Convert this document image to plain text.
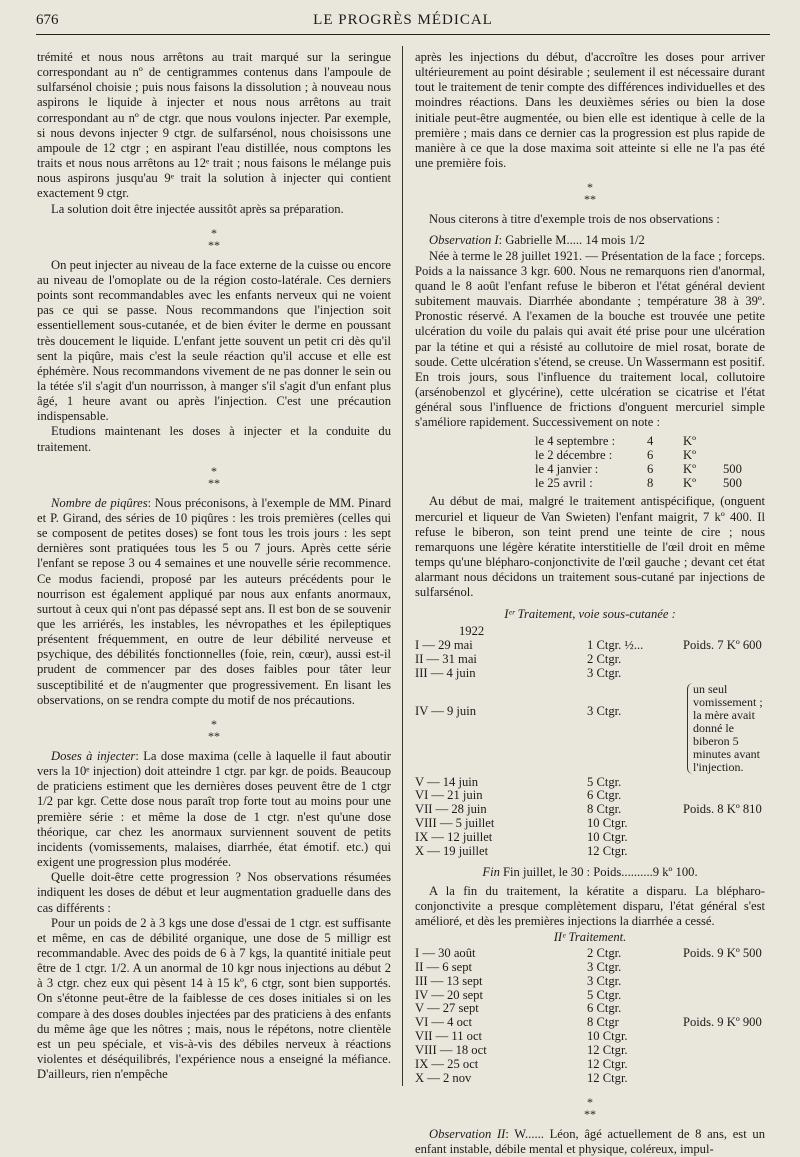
676	LE PROGRÈS MÉDICAL

trémité et nous nous arrêtons au trait marqué sur la seringue correspondant au nº de centigrammes contenus dans l'ampoule de sulfarsénol choisie ; puis nous faisons la dissolution ; à nouveau nous aspirons le liquide à injecter et nous nous arrêtons au trait correspondant au nº de ctgr. que nous voulons injecter. Par exemple, si nous devons injecter 9 ctgr. de sulfarsénol, nous choisissons une ampoule de 12 ctgr ; en aspirant l'eau distillée, nous comptons les traits et nous nous arrêtons au 12ᵉ trait ; nous faisons le mélange puis nous aspirons jusqu'au 9ᵉ trait la solution à injecter qui contient exactement 9 ctgr.

La solution doit être injectée aussitôt après sa préparation.

*
**

On peut injecter au niveau de la face externe de la cuisse ou encore au niveau de l'omoplate ou de la région costo-latérale. Ces derniers points sont recommandables avec les enfants nerveux qui ne voient pas ce qui se passe. Nous recommandons que l'injection soit essentiellement sous-cutanée, et de bien éviter le derme en poussant très doucement le liquide. L'enfant jette souvent un petit cri dès qu'il sent la piqûre, mais c'est la seule réaction qu'il accuse et elle est éphémère. Nous recommandons vivement de ne pas donner le sein ou la tétée s'il s'agit d'un nourrisson, à manger s'il s'agit d'un enfant plus âgé, 1 heure avant ou après l'injection. C'est une précaution indispensable.

Etudions maintenant les doses à injecter et la conduite du traitement.

*
**

Nombre de piqûres: Nous préconisons, à l'exemple de MM. Pinard et P. Girand, des séries de 10 piqûres : les trois premières (celles qui se composent de petites doses) se font tous les trois jours : les sept dernières sont pratiquées tous les 5 ou 7 jours. Après cette série l'enfant se repose 3 ou 4 semaines et une nouvelle série recommence. Ce modus faciendi, proposé par les auteurs précédents pour le nourrison est également appliqué par nous aux enfants anormaux, surtout à ceux qui n'ont pas dépassé sept ans. Il est bon de se souvenir que les arriérés, les instables, les névropathes et les épileptiques présentent fréquemment, en outre de leur débilité nerveuse et psychique, des débilités fonctionnelles (foie, rein, cœur), aussi est-il prudent de commencer par des doses faibles pour tâter leur susceptibilité et de n'augmenter que progressivement. En lisant les observations, on se rendra compte du motif de nos précautions.

*
**

Doses à injecter: La dose maxima (celle à laquelle il faut aboutir vers la 10ᵉ injection) doit atteindre 1 ctgr. par kgr. de poids. Beaucoup de praticiens estiment que les dernières doses peuvent être de 1 ctgr 1/2 par kgr. Cette dose nous paraît trop forte tout au moins pour une première série : et même la dose de 1 ctgr. n'est qu'une dose théorique, car chez les anormaux surviennent souvent de petits incidents (vomissements, malaises, diarrhée, état émotif. etc.) qui exigent une progression plus modérée.

Quelle doit-être cette progression ? Nos observations résumées indiquent les doses de début et leur augmentation graduelle dans des cas différents :

Pour un poids de 2 à 3 kgs une dose d'essai de 1 ctgr. est suffisante et même, en cas de débilité organique, une dose de 5 milligr est recommandable. Avec des poids de 6 à 7 kgs, la quantité initiale peut être de 1 ctgr. 1/2. A un anormal de 10 kgr nous injections au début 2 à 3 ctgr. chez eux qui pèsent 14 à 15 kº, 6 ctgr, sont bien supportés. On s'étonne peut-être de la faiblesse de ces doses initiales si on les compare à des doses doubles injectées par des praticiens à des enfants du même âge que les nôtres ; mais, nous le répétons, notre clientèle est un peu spéciale, et vis-à-vis des débiles nerveux à réactions violentes et déséquilibrés, l'expérience nous a enseigné la méfiance. D'ailleurs, rien n'empêche

après les injections du début, d'accroître les doses pour arriver ultérieurement au point désirable ; seulement il est nécessaire durant tout le traitement de tenir compte des différences individuelles et des moindres réactions. Dans les deuxièmes séries ou bien la dose initiale peut-être augmentée, ou bien elle est identique à celle de la première ; mais dans ce dernier cas la progression est plus rapide de manière à ce que la dose maxima soit atteinte si elle ne l'a pas été une première fois.

*
**

Nous citerons à titre d'exemple trois de nos observations :

Observation I: Gabrielle M..... 14 mois 1/2

Née à terme le 28 juillet 1921. — Présentation de la face ; forceps. Poids a la naissance 3 kgr. 600. Nous ne remarquons rien d'anormal, quand le 8 août l'enfant refuse le biberon et l'état général devient subitement mauvais. Diarrhée abondante ; température 38 à 39º. Pronostic réservé. A l'examen de la bouche est trouvée une petite ulcération du voile du palais qui avait été prise pour une ulcération par la tétine et qui a résisté au collutoire de miel rosat, borate de soude. Cette ulcération s'étend, se creuse. Un Wassermann est positif. En trois jours, sous l'influence du traitement local, collutoire (arsénobenzol et glycérine), cette ulcération se cicatrise et l'état général sous l'influence de frictions d'onguent mercuriel simple s'améliore rapidement. Successivement on note :

le 4 septembre :	4	Kº
le 2 décembre :	6	Kº
le 4 janvier :	6	Kº	500
le 25 avril :	8	Kº	500

Au début de mai, malgré le traitement antispécifique, (onguent mercuriel et liqueur de Van Swieten) l'enfant maigrit, 7 kº 400. Il refuse le biberon, son teint prend une teinte de cire ; nous remarquons une légère kératite interstitielle de l'œil droit en même temps qu'une blépharo-conjonctivite de l'œil gauche ; devant cet état alarmant nous décidons un traitement sous-cutané par injections de sulfarsénol.

Iᵉʳ Traitement, voie sous-cutanée :
1922
I — 29 mai	1 Ctgr. ½...	Poids. 7 Kº 600
II — 31 mai	2 Ctgr.
III — 4 juin	3 Ctgr.
IV — 9 juin	3 Ctgr.
un seul vomissement ; la mère avait donné le biberon 5 minutes avant l'injection.
V — 14 juin	5 Ctgr.
VI — 21 juin	6 Ctgr.
VII — 28 juin	8 Ctgr.	Poids. 8 Kº 810
VIII — 5 juillet	10 Ctgr.
IX — 12 juillet	10 Ctgr.
X — 19 juillet	12 Ctgr.
Fin Fin juillet, le 30 : Poids..........9 kº 100.

A la fin du traitement, la kératite a disparu. La blépharo-conjonctivite a presque complètement disparu, l'état général s'est amélioré, et dès les premières injections la diarrhée a cessé.

IIᵉ Traitement.
I — 30 août	2 Ctgr.	Poids. 9 Kº 500
II — 6 sept	3 Ctgr.
III — 13 sept	3 Ctgr.
IV — 20 sept	5 Ctgr.
V — 27 sept	6 Ctgr.
VI — 4 oct	8 Ctgr	Poids. 9 Kº 900
VII — 11 oct	10 Ctgr.
VIII — 18 oct	12 Ctgr.
IX — 25 oct	12 Ctgr.
X — 2 nov	12 Ctgr.
*
**

Observation II: W...... Léon, âgé actuellement de 8 ans, est un enfant instable, débile mental et physique, coléreux, impul-
